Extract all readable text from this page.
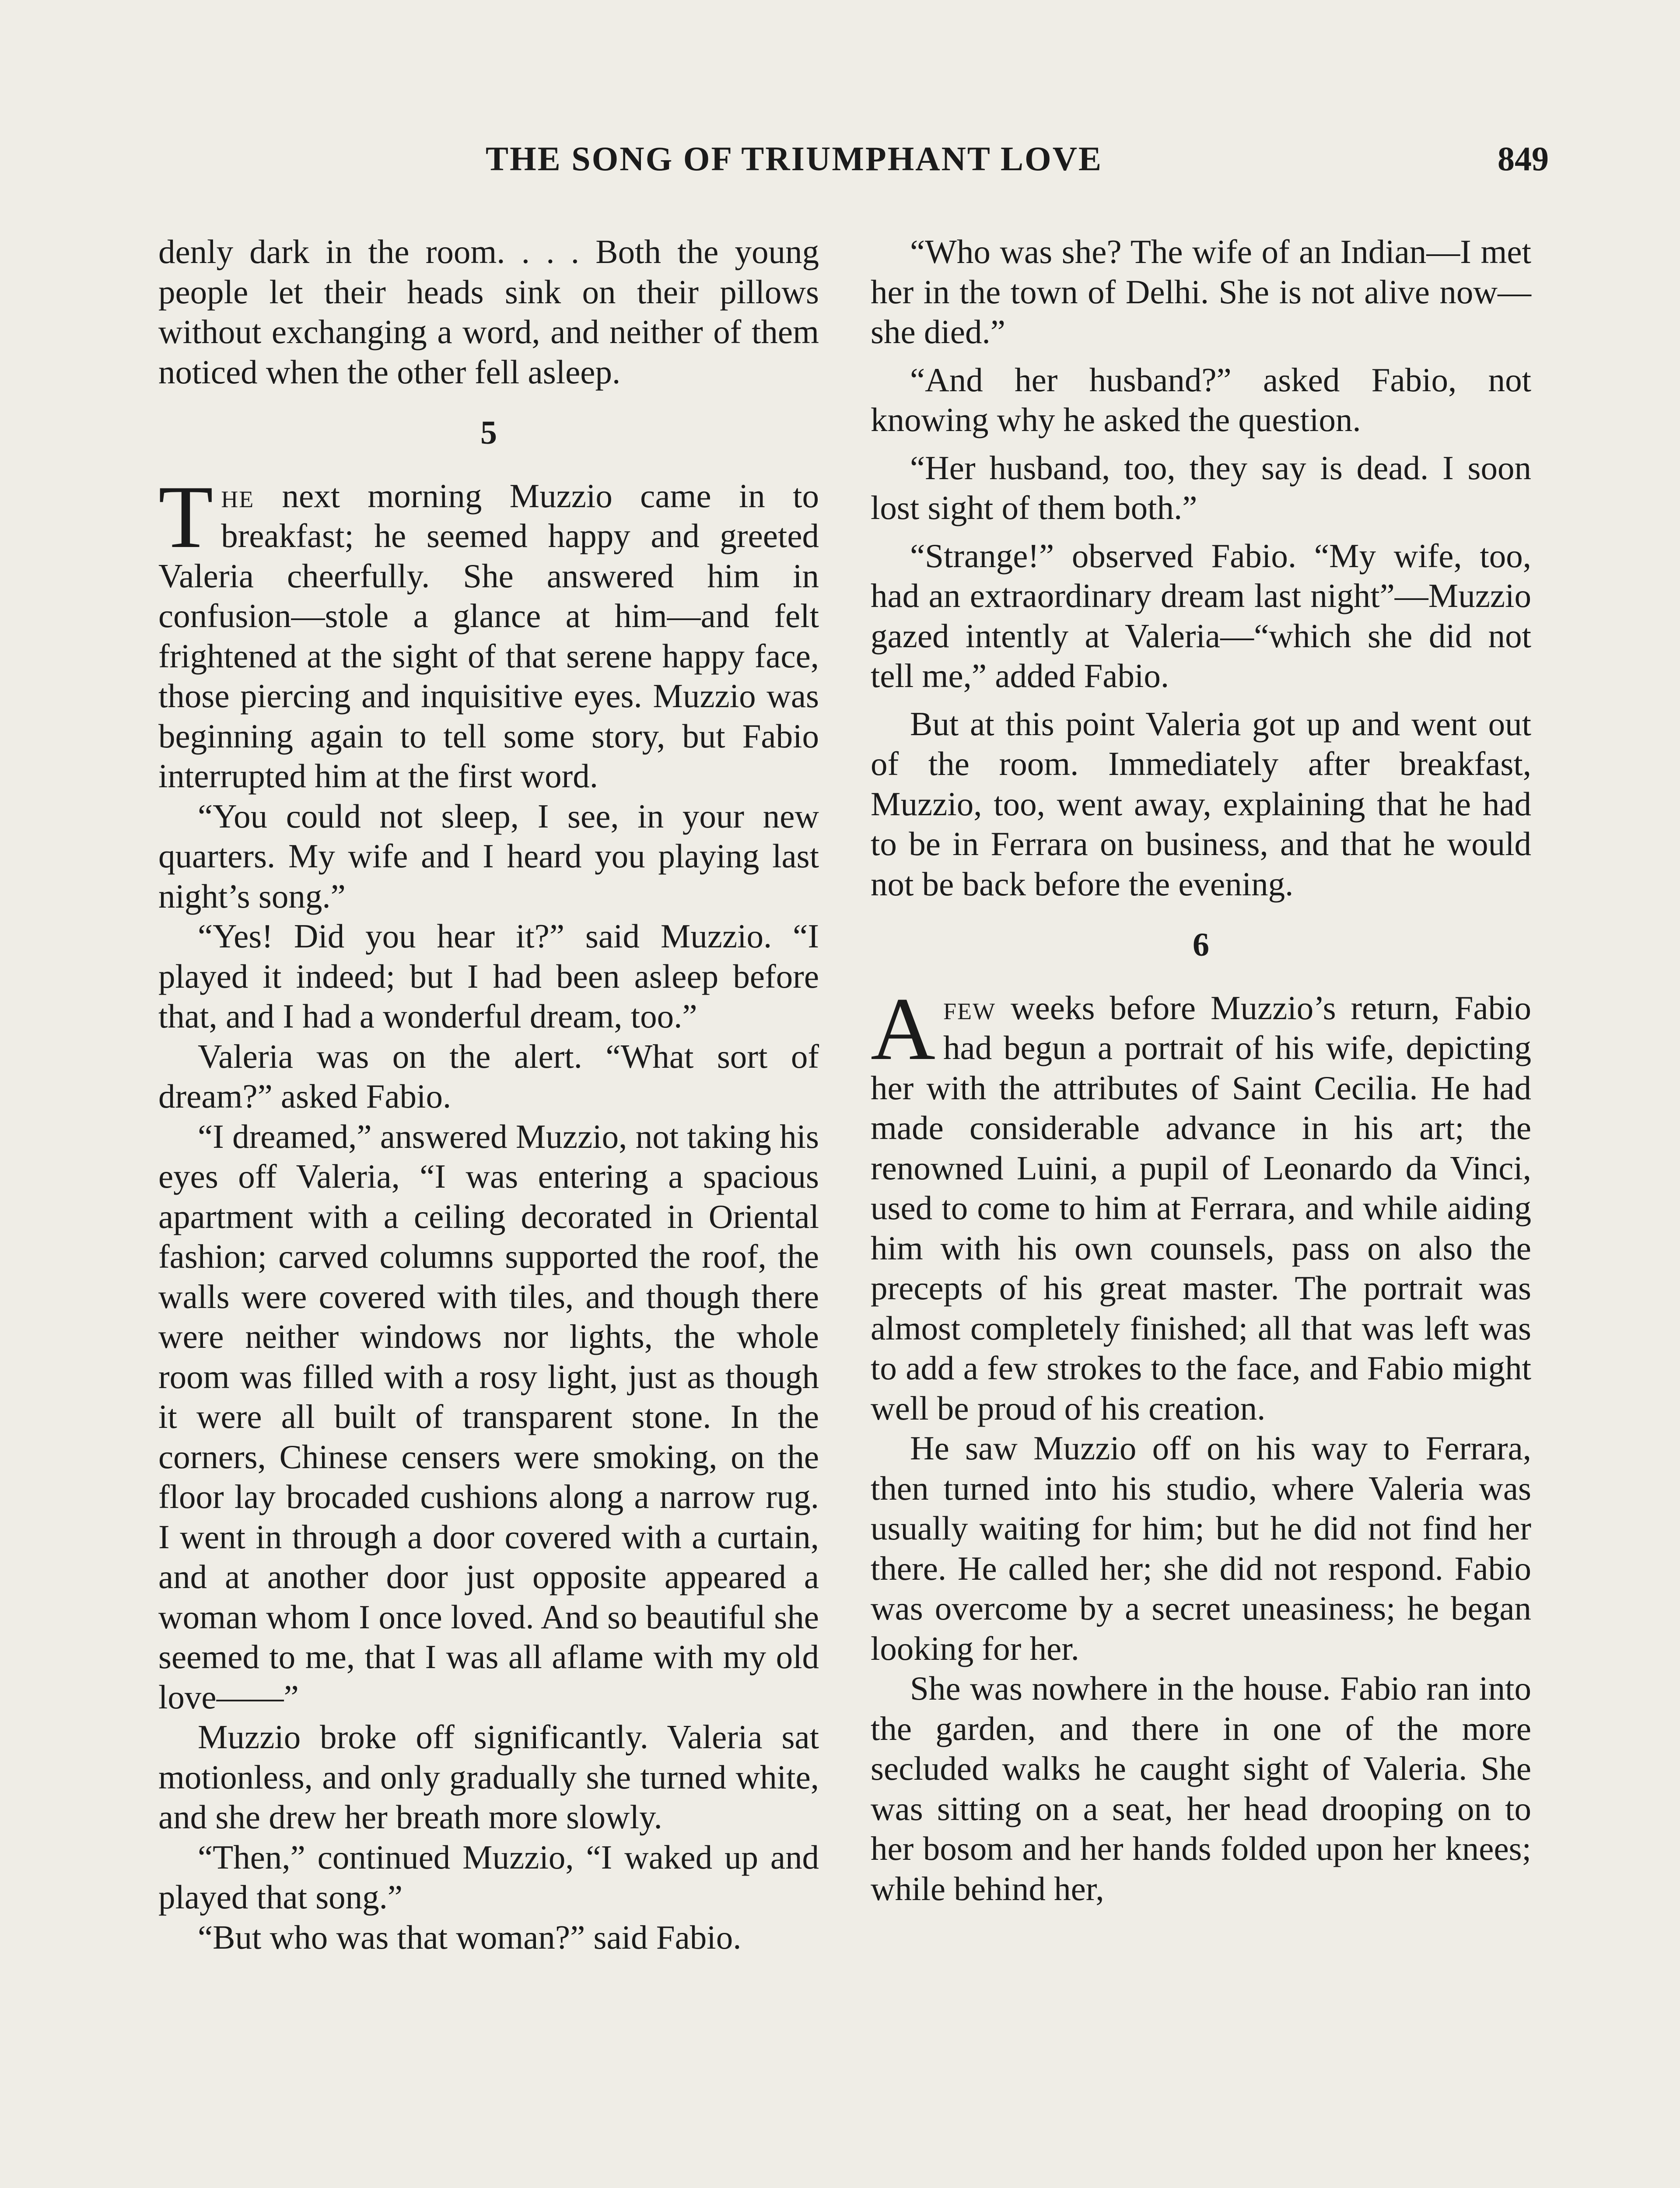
THE SONG OF TRIUMPHANT LOVE	849

denly dark in the room. . . . Both the young people let their heads sink on their pillows without exchanging a word, and neither of them noticed when the other fell asleep.

5

The next morning Muzzio came in to breakfast; he seemed happy and greeted Valeria cheerfully. She answered him in confusion—stole a glance at him—and felt frightened at the sight of that serene happy face, those piercing and inquisitive eyes. Muzzio was beginning again to tell some story, but Fabio interrupted him at the first word.

“You could not sleep, I see, in your new quarters. My wife and I heard you playing last night’s song.”

“Yes! Did you hear it?” said Muzzio. “I played it indeed; but I had been asleep before that, and I had a wonderful dream, too.”

Valeria was on the alert. “What sort of dream?” asked Fabio.

“I dreamed,” answered Muzzio, not taking his eyes off Valeria, “I was entering a spacious apartment with a ceiling decorated in Oriental fashion; carved columns supported the roof, the walls were covered with tiles, and though there were neither windows nor lights, the whole room was filled with a rosy light, just as though it were all built of transparent stone. In the corners, Chinese censers were smoking, on the floor lay brocaded cushions along a narrow rug. I went in through a door covered with a curtain, and at another door just opposite appeared a woman whom I once loved. And so beautiful she seemed to me, that I was all aflame with my old love——”

Muzzio broke off significantly. Valeria sat motionless, and only gradually she turned white, and she drew her breath more slowly.

“Then,” continued Muzzio, “I waked up and played that song.”

“But who was that woman?” said Fabio.

“Who was she? The wife of an Indian—I met her in the town of Delhi. She is not alive now—she died.”

“And her husband?” asked Fabio, not knowing why he asked the question.

“Her husband, too, they say is dead. I soon lost sight of them both.”

“Strange!” observed Fabio. “My wife, too, had an extraordinary dream last night”—Muzzio gazed intently at Valeria—“which she did not tell me,” added Fabio.

But at this point Valeria got up and went out of the room. Immediately after breakfast, Muzzio, too, went away, explaining that he had to be in Ferrara on business, and that he would not be back before the evening.

6

Afew weeks before Muzzio’s return, Fabio had begun a portrait of his wife, depicting her with the attributes of Saint Cecilia. He had made considerable advance in his art; the renowned Luini, a pupil of Leonardo da Vinci, used to come to him at Ferrara, and while aiding him with his own counsels, pass on also the precepts of his great master. The portrait was almost completely finished; all that was left was to add a few strokes to the face, and Fabio might well be proud of his creation.

He saw Muzzio off on his way to Ferrara, then turned into his studio, where Valeria was usually waiting for him; but he did not find her there. He called her; she did not respond. Fabio was overcome by a secret uneasiness; he began looking for her.

She was nowhere in the house. Fabio ran into the garden, and there in one of the more secluded walks he caught sight of Valeria. She was sitting on a seat, her head drooping on to her bosom and her hands folded upon her knees; while behind her,
